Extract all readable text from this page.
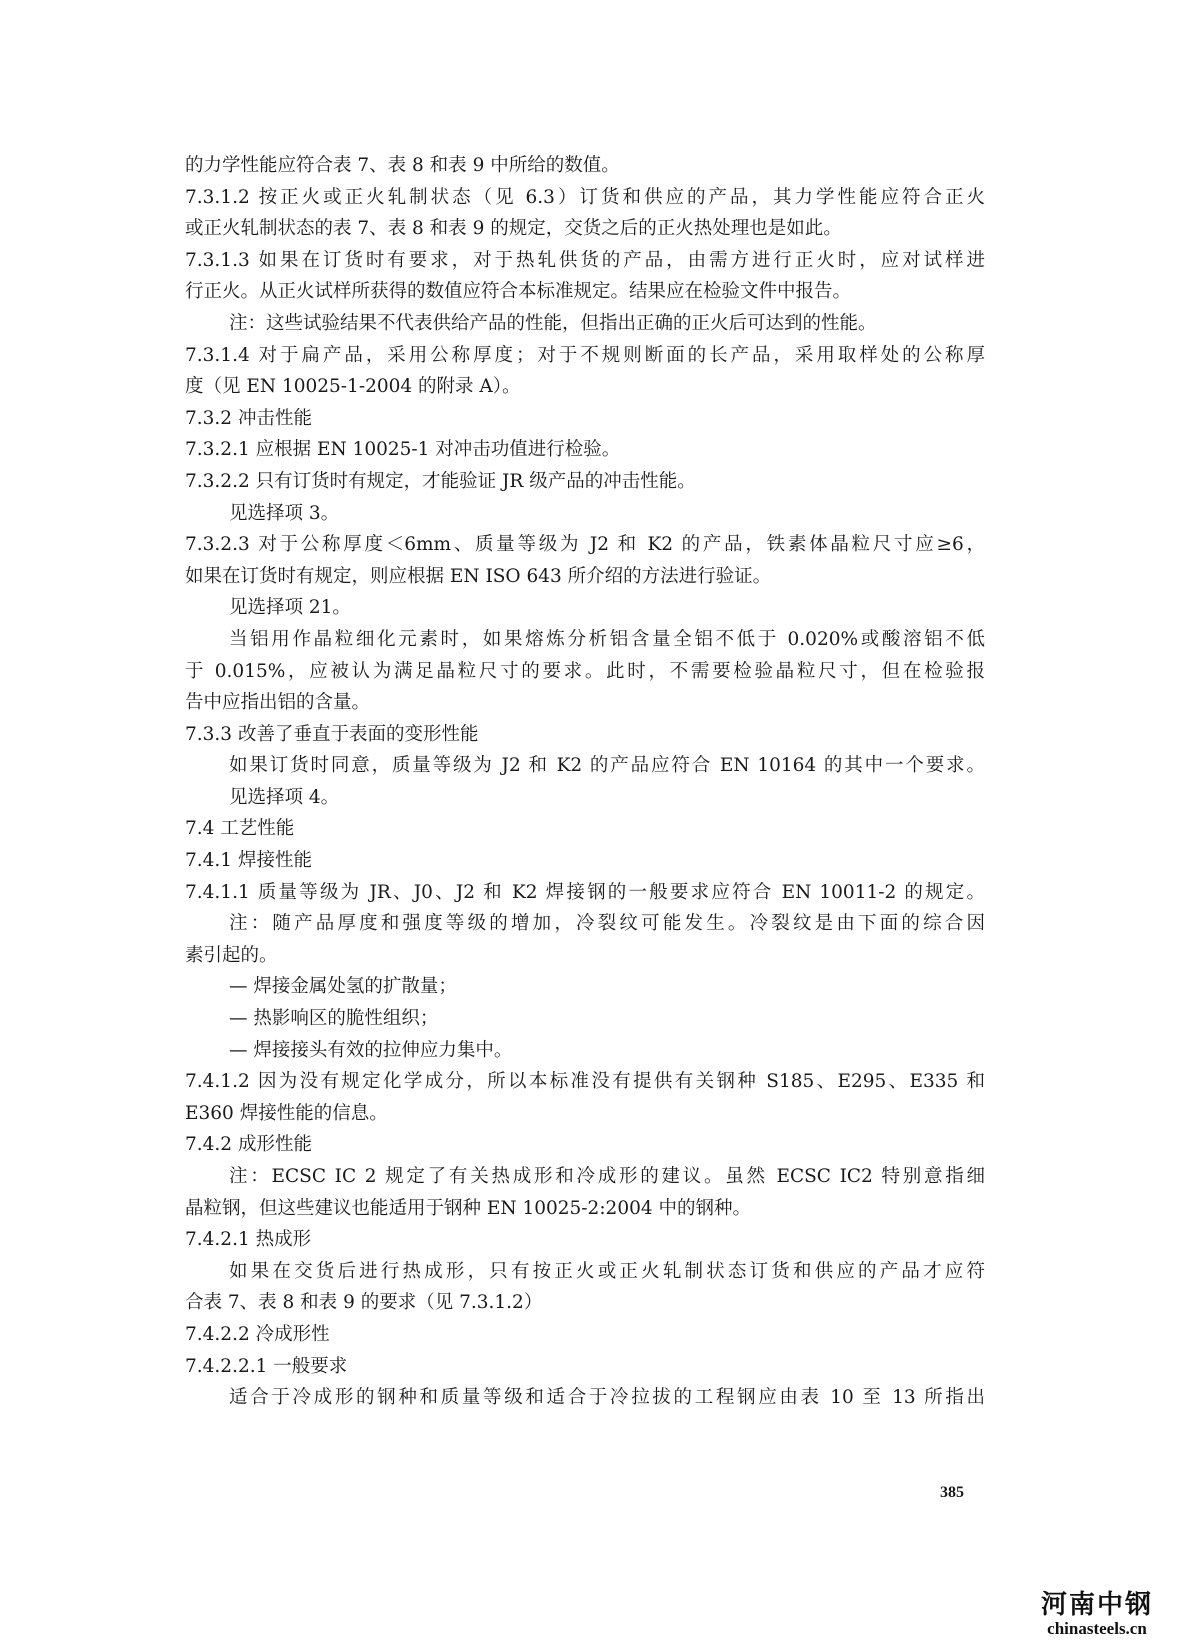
的力学性能应符合表 7、表 8 和表 9 中所给的数值。
7.3.1.2 按正火或正火轧制状态（见 6.3）订货和供应的产品，其力学性能应符合正火
或正火轧制状态的表 7、表 8 和表 9 的规定，交货之后的正火热处理也是如此。
7.3.1.3 如果在订货时有要求，对于热轧供货的产品，由需方进行正火时，应对试样进
行正火。从正火试样所获得的数值应符合本标准规定。结果应在检验文件中报告。
注：这些试验结果不代表供给产品的性能，但指出正确的正火后可达到的性能。
7.3.1.4 对于扁产品，采用公称厚度；对于不规则断面的长产品，采用取样处的公称厚
度（见 EN 10025-1-2004 的附录 A）。
7.3.2 冲击性能
7.3.2.1 应根据 EN 10025-1 对冲击功值进行检验。
7.3.2.2 只有订货时有规定，才能验证 JR 级产品的冲击性能。
见选择项 3。
7.3.2.3 对于公称厚度＜6mm、质量等级为 J2 和 K2 的产品，铁素体晶粒尺寸应≥6，
如果在订货时有规定，则应根据 EN ISO 643 所介绍的方法进行验证。
见选择项 21。
当铝用作晶粒细化元素时，如果熔炼分析铝含量全铝不低于 0.020%或酸溶铝不低
于 0.015%，应被认为满足晶粒尺寸的要求。此时，不需要检验晶粒尺寸，但在检验报
告中应指出铝的含量。
7.3.3 改善了垂直于表面的变形性能
如果订货时同意，质量等级为 J2 和 K2 的产品应符合 EN 10164 的其中一个要求。
见选择项 4。
7.4 工艺性能
7.4.1 焊接性能
7.4.1.1 质量等级为 JR、J0、J2 和 K2 焊接钢的一般要求应符合 EN 10011-2 的规定。
注：随产品厚度和强度等级的增加，冷裂纹可能发生。冷裂纹是由下面的综合因
素引起的。
— 焊接金属处氢的扩散量；
— 热影响区的脆性组织；
— 焊接接头有效的拉伸应力集中。
7.4.1.2 因为没有规定化学成分，所以本标准没有提供有关钢种 S185、E295、E335 和
E360 焊接性能的信息。
7.4.2 成形性能
注：ECSC IC 2 规定了有关热成形和冷成形的建议。虽然 ECSC IC2 特别意指细
晶粒钢，但这些建议也能适用于钢种 EN 10025-2:2004 中的钢种。
7.4.2.1 热成形
如果在交货后进行热成形，只有按正火或正火轧制状态订货和供应的产品才应符
合表 7、表 8 和表 9 的要求（见 7.3.1.2）
7.4.2.2 冷成形性
7.4.2.2.1 一般要求
适合于冷成形的钢种和质量等级和适合于冷拉拔的工程钢应由表 10 至 13 所指出
385
河南中钢
chinasteels.cn
